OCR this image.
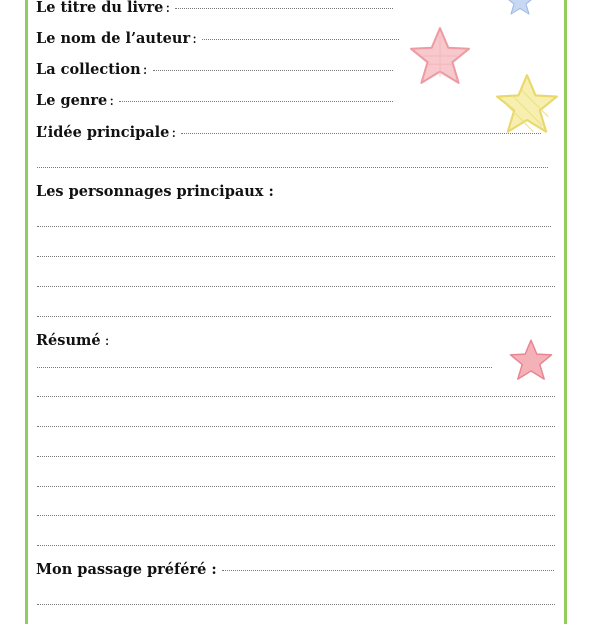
Le titre du livre :
Le nom de l’auteur :
La collection :
Le genre :
L’idée principale :
Les personnages principaux :
Résumé :
Mon passage préféré :
